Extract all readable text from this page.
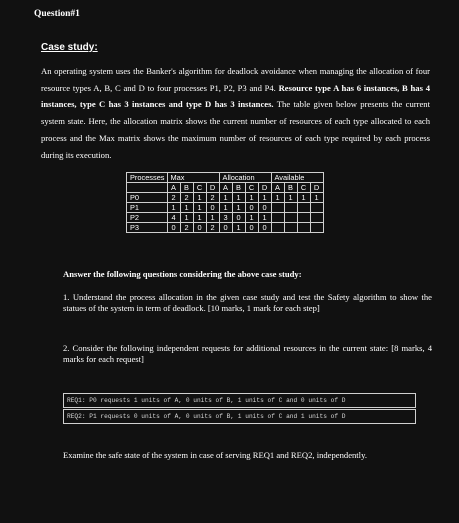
Question#1
Case study:
An operating system uses the Banker's algorithm for deadlock avoidance when managing the allocation of four resource types A, B, C and D to four processes P1, P2, P3 and P4. Resource type A has 6 instances, B has 4 instances, type C has 3 instances and type D has 3 instances. The table given below presents the current system state. Here, the allocation matrix shows the current number of resources of each type allocated to each process and the Max matrix shows the maximum number of resources of each type required by each process during its execution.
Processes	Max				Allocation				Available			
	A	B	C	D	A	B	C	D	A	B	C	D
P0	2	2	1	2	1	1	1	1	1	1	1	1
P1	1	1	1	0	1	1	0	0				
P2	4	1	1	1	3	0	1	1				
P3	0	2	0	2	0	1	0	0				
Answer the following questions considering the above case study:
1. Understand the process allocation in the given case study and test the Safety algorithm to show the statues of the system in term of deadlock. [10 marks, 1 mark for each step]
2. Consider the following independent requests for additional resources in the current state: [8 marks, 4 marks for each request]
REQ1: P0 requests 1 units of A, 0 units of B, 1 units of C and 0 units of D
REQ2: P1 requests 0 units of A, 0 units of B, 1 units of C and 1 units of D
Examine the safe state of the system in case of serving REQ1 and REQ2, independently.
